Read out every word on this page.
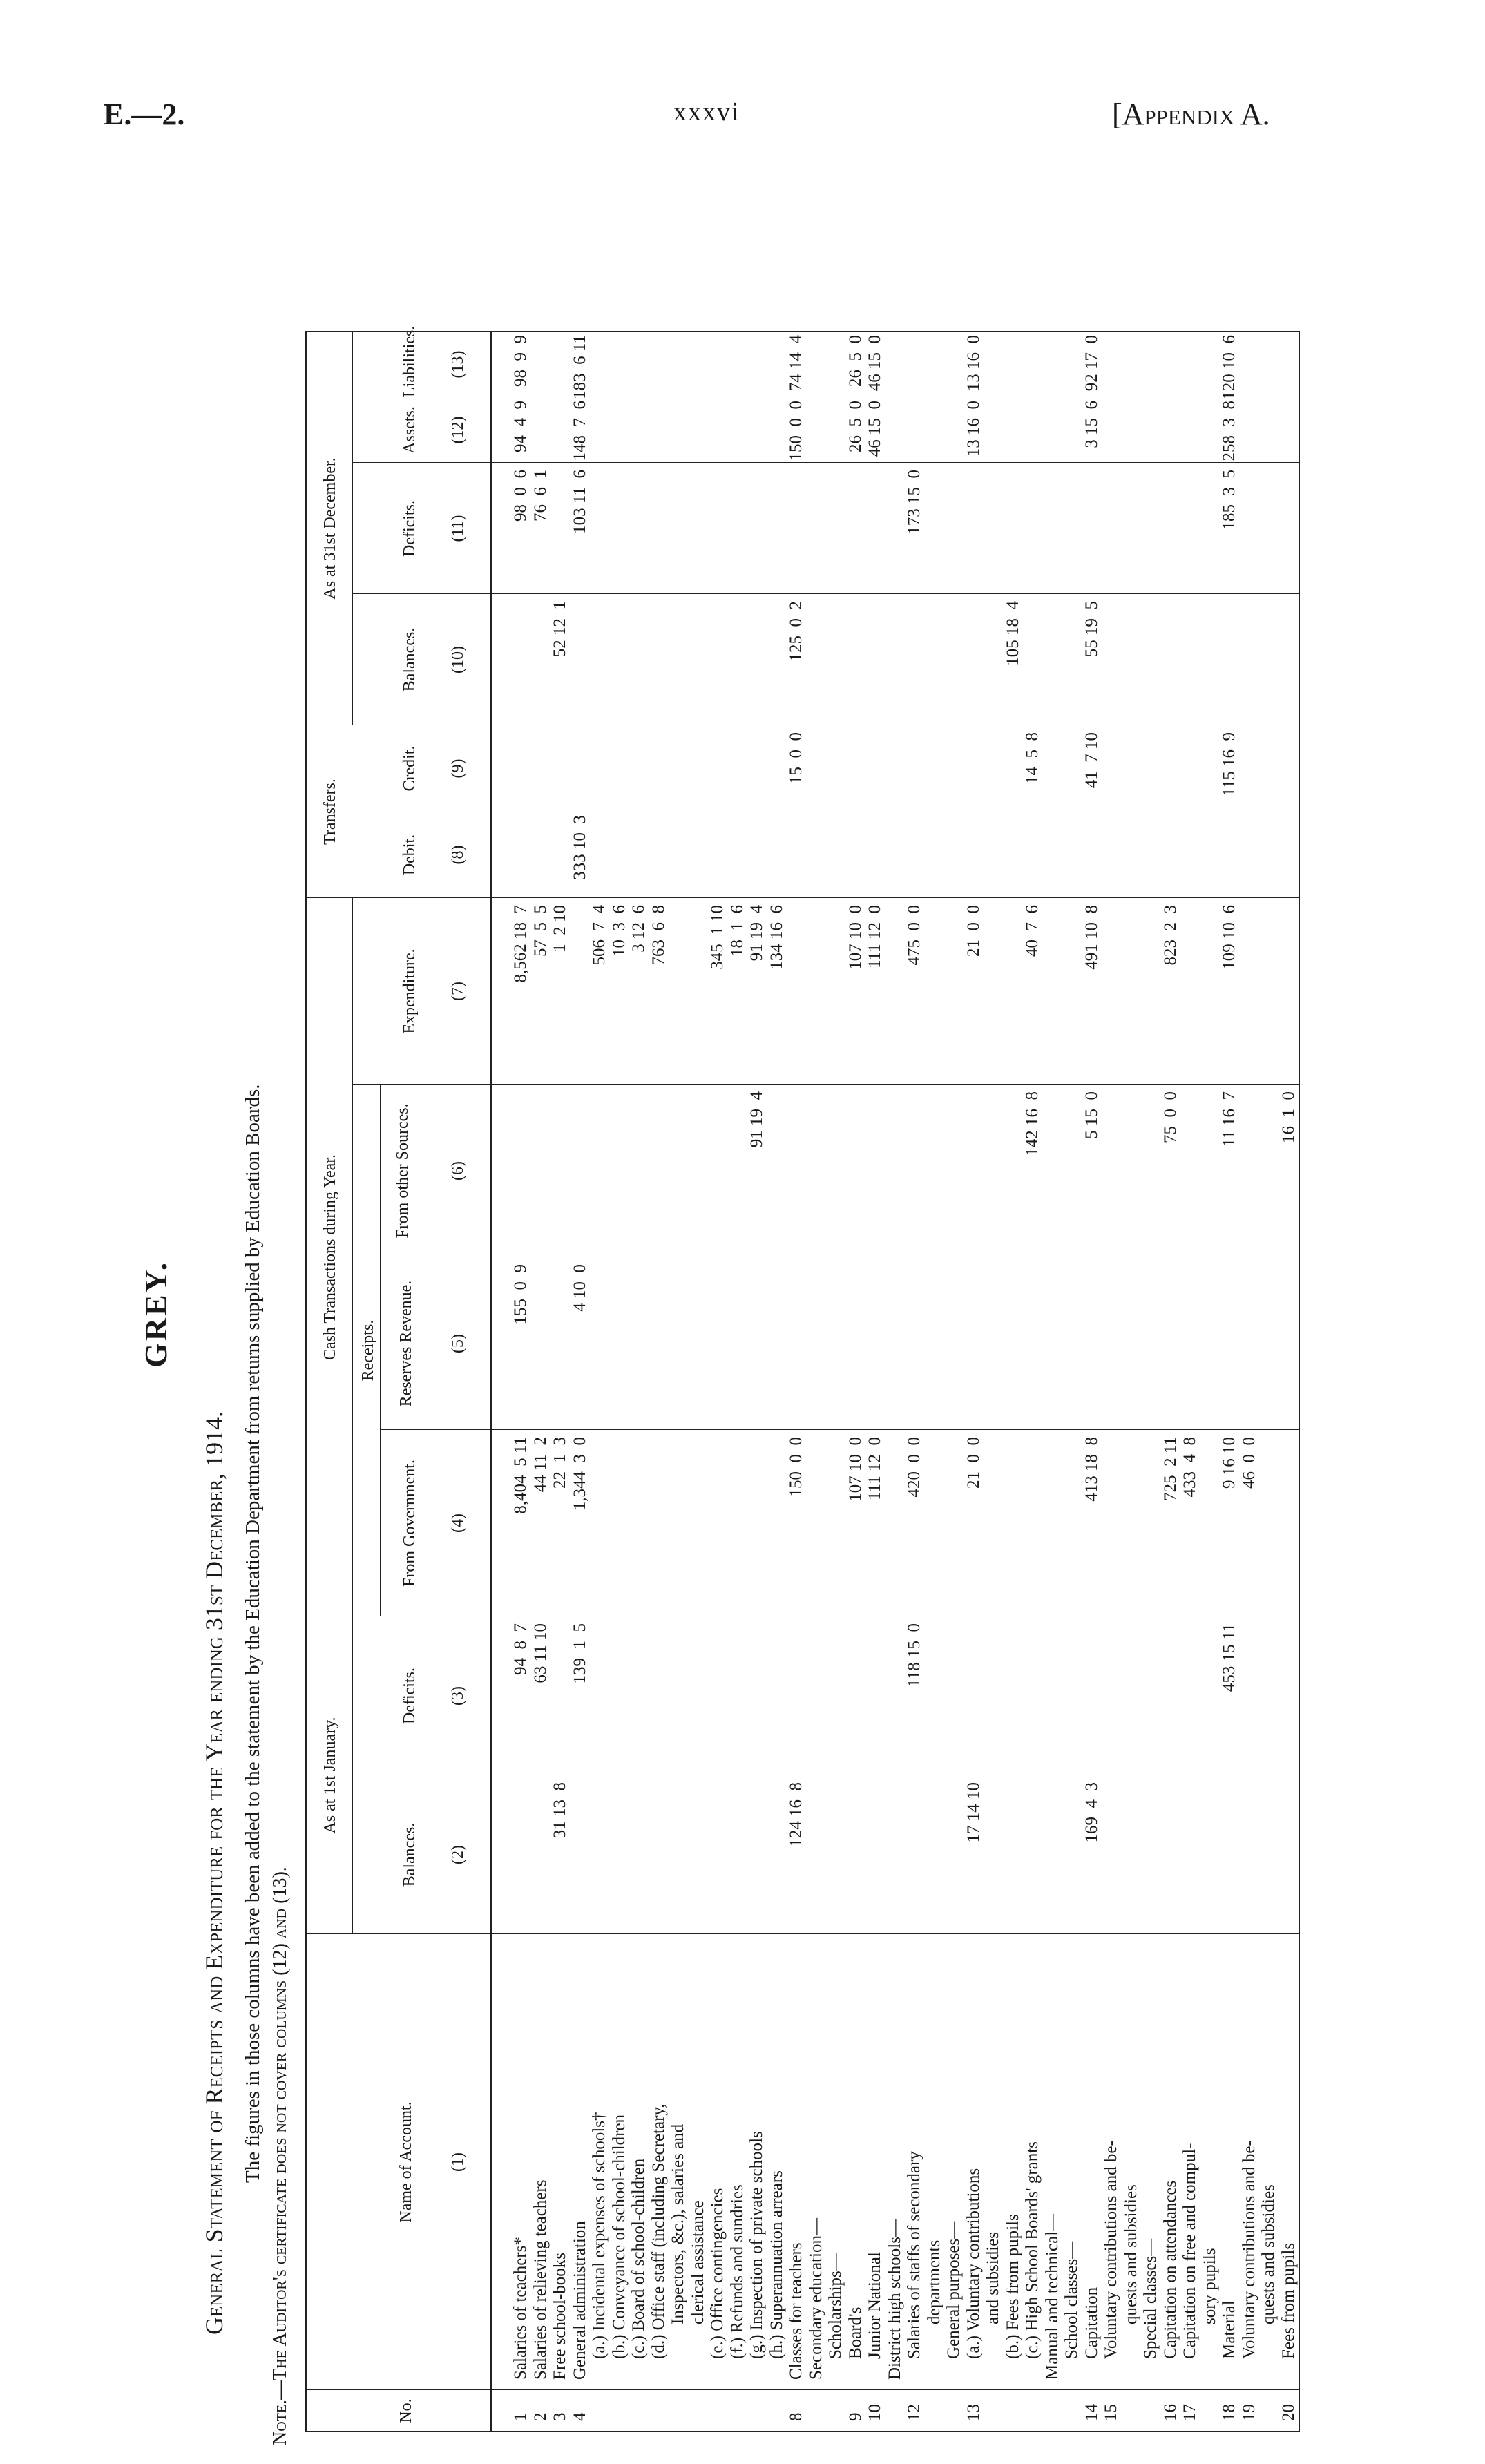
E.—2.	xxxvi	[Appendix A.
GREY.
General Statement of Receipts and Expenditure for the Year ending 31st December, 1914. The figures in those columns have been added to the statement by the Education Department from returns supplied by Education Boards. Note.—The Auditor's certificate does not cover columns (12) and (13).
As at 1st January.
Cash Transactions during Year. Receipts.
Transfers.
As at 31st December.
No.
Name of Account. (1)
Balances. (2)
Deficits. (3)
From Government. (4)
Reserves Revenue. (5)
From other Sources. (6)
Expenditure. (7)
Debit. (8)
Credit. (9)
Balances. (10)
Deficits. (11)
Assets. (12)
Liabilities. (13)
1
Salaries of teachers*
94  8  7
8,404  5 11
155  0  9
8,562 18  7
98  0  6
94  4  9
98  9  9
2
Salaries of relieving teachers
63 11 10
44 11  2
57  5  5
76  6  1
3
Free school-books
31 13  8
22  1  3
1  2 10
52 12  1
4
General administration
139  1  5
1,344  3  0
4 10  0
333 10  3
103 11  6
148  7  6
183  6 11
(a.) Incidental expenses of schools†
506  7  4
(b.) Conveyance of school-children
10  3  6
(c.) Board of school-children
3 12  6
(d.) Office staff (including Secretary,
763  6  8
Inspectors, &c.), salaries and clerical assistance (e.) Office contingencies
345  1 10
(f.) Refunds and sundries
18  1  6
(g.) Inspection of private schools
91 19  4
91 19  4
(h.) Superannuation arrears
134 16  6
8
Classes for teachers
124 16  8
150  0  0
15  0  0
125  0  2
150  0  0
74 14  4
Secondary education— Scholarships—
9
Board's
107 10  0
107 10  0
26  5  0
26  5  0
10
Junior National
111 12  0
111 12  0
46 15  0
46 15  0
District high schools—
12
Salaries of staffs of secondary
118 15  0
420  0  0
475  0  0
173 15  0
departments General purposes—
13
(a.) Voluntary contributions
17 14 10
21  0  0
21  0  0
13 16  0
13 16  0
and subsidies (b.) Fees from pupils
105 18  4
(c.) High School Boards' grants
142 16  8
40  7  6
14  5  8
Manual and technical— School classes—
14
Capitation
169  4  3
413 18  8
5 15  0
491 10  8
41  7 10
55 19  5
3 15  6
92 17  0
15
Voluntary contributions and be- quests and subsidies Special classes—
16
Capitation on attendances
725  2 11
75  0  0
823  2  3
17
Capitation on free and compul-
433  4  8
sory pupils
18
Material
453 15 11
9 16 10
11 16  7
109 10  6
115 16  9
185  3  5
258  3  8
120 10  6
19
Voluntary contributions and be-
46  0  0
quests and subsidies
20
Fees from pupils
16  1  0
